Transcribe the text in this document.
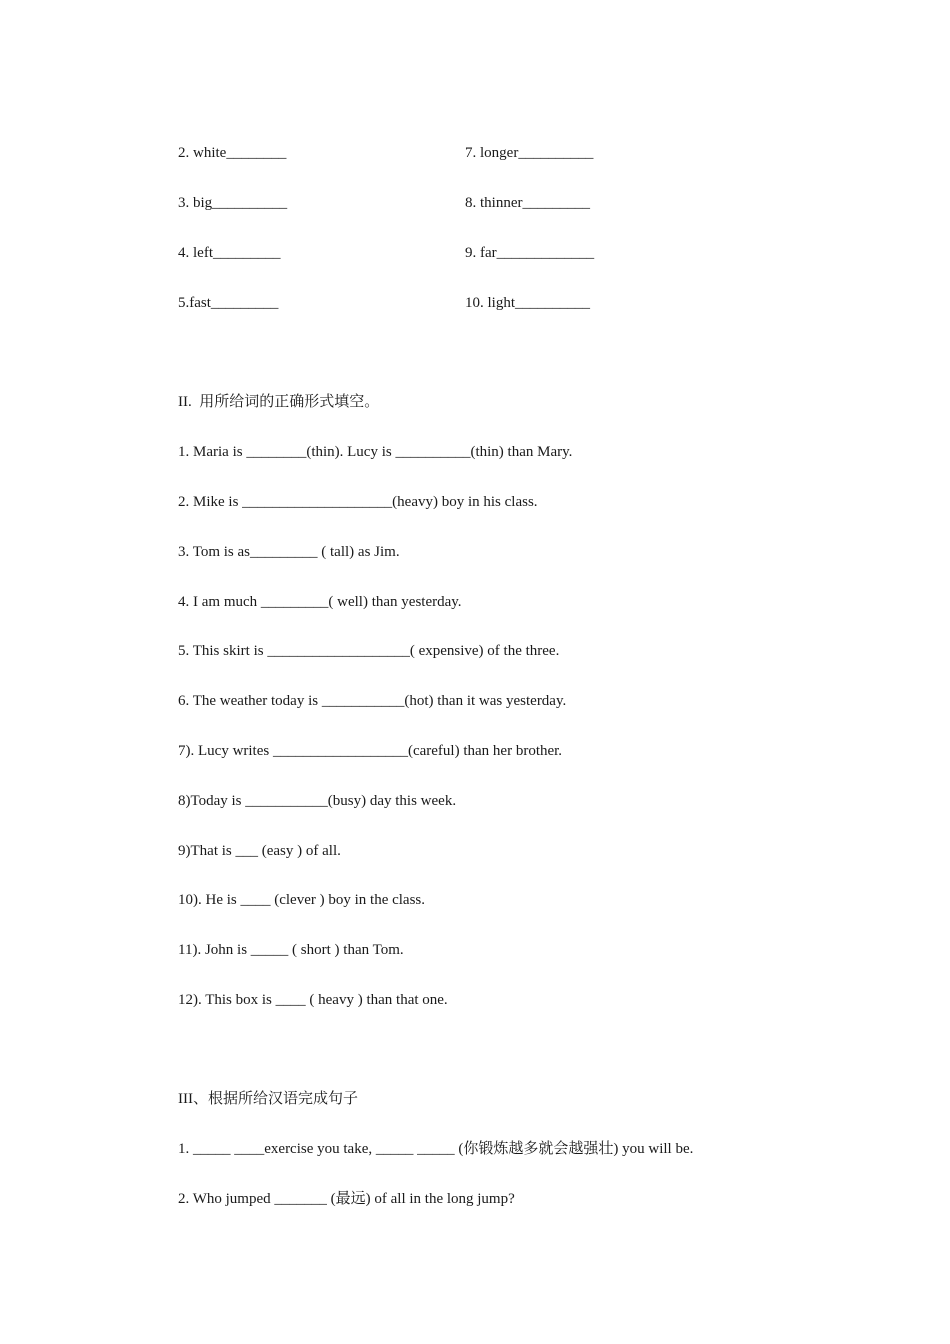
2. white________	7. longer__________
3. big__________	8. thinner_________
4. left_________	9. far_____________
5.fast_________	10. light__________
II.  用所给词的正确形式填空。
1. Maria is ________(thin). Lucy is __________(thin) than Mary.
2. Mike is ____________________(heavy) boy in his class.
3. Tom is as_________ ( tall) as Jim.
4. I am much _________( well) than yesterday.
5. This skirt is ___________________( expensive) of the three.
6. The weather today is ___________(hot) than it was yesterday.
7). Lucy writes __________________(careful) than her brother.
8)Today is ___________(busy) day this week.
9)That is ___ (easy ) of all.
10). He is ____ (clever ) boy in the class.
11). John is _____ ( short ) than Tom.
12). This box is ____ ( heavy ) than that one.
III、根据所给汉语完成句子
1. _____ ____exercise you take, _____ _____ (你锻炼越多就会越强壮) you will be.
2. Who jumped _______ (最远) of all in the long jump?
